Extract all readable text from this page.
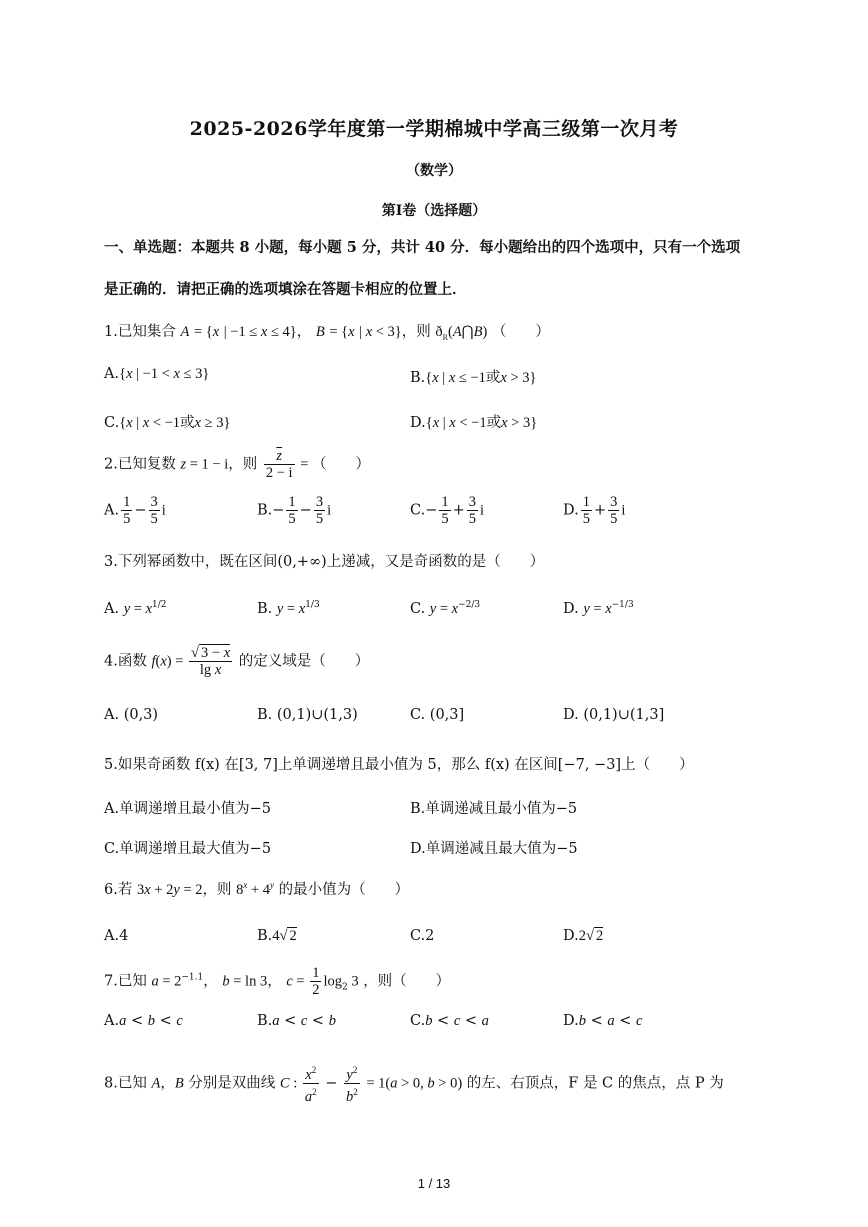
2025-2026学年度第一学期棉城中学高三级第一次月考
（数学）
第Ⅰ卷（选择题）
一、单选题：本题共 8 小题，每小题 5 分，共计 40 分．每小题给出的四个选项中，只有一个选项
是正确的．请把正确的选项填涂在答题卡相应的位置上．
1.已知集合 A = {x | −1 ≤ x ≤ 4}， B = {x | x < 3}，则 $ð_R(A⋂B)$ （　　）
A.{x | −1 < x ≤ 3}	B.{x | x ≤ −1或x > 3}
C.{x | x < −1或x ≥ 3}	D.{x | x < −1或x > 3}
2.已知复数 z = 1 − i，则 $\frac{\overline{z}}{2 - i}$ = （　　）
A. $\frac{1}{5} - \frac{3}{5}$ i	$B.- \frac{1}{5} - \frac{3}{5}$ i	$C.- \frac{1}{5} + \frac{3}{5}$ i	D. $\frac{1}{5} + \frac{3}{5}$ i
3.下列幂函数中，既在区间(0,+∞)上递减，又是奇函数的是（　　）
A. $y = x^{1/2}$	B. $y = x^{1/3}$	C. $y = x^{-2/3}$	D. $y = x^{-1/3}$
4.函数 $f(x) = \frac{√ 3 - x}{\text{lg x}}$ 的定义域是（　　）
A. (0,3)	B. (0,1)∪(1,3)	C. (0,3]	D. (0,1)∪(1,3]
5.如果奇函数 f(x) 在[3, 7]上单调递增且最小值为 5，那么 f(x) 在区间[−7, −3]上（　　）
A.单调递增且最小值为−5	B.单调递减且最小值为−5
C.单调递增且最大值为−5	D.单调递减且最大值为−5
6.若 3x + 2y = 2，则 $8^x + 4^y$ 的最小值为（　　）
A.4	B.4√ 2	C.2	D.2√ 2
7.已知 $a = 2^{-1.1}$， b = ln 3， $c = \frac{1}{2} \log_2 3$ ，则（　　）
A.a < b < c	B.a < c < b	C.b < c < a	D.b < a < c
8.已知 A，B 分别是双曲线 C : $\frac{x^2}{a^2} - \frac{y^2}{b^2} = 1(a > 0$, b > 0) 的左、右顶点，F 是 C 的焦点，点 P 为
1 / 13
